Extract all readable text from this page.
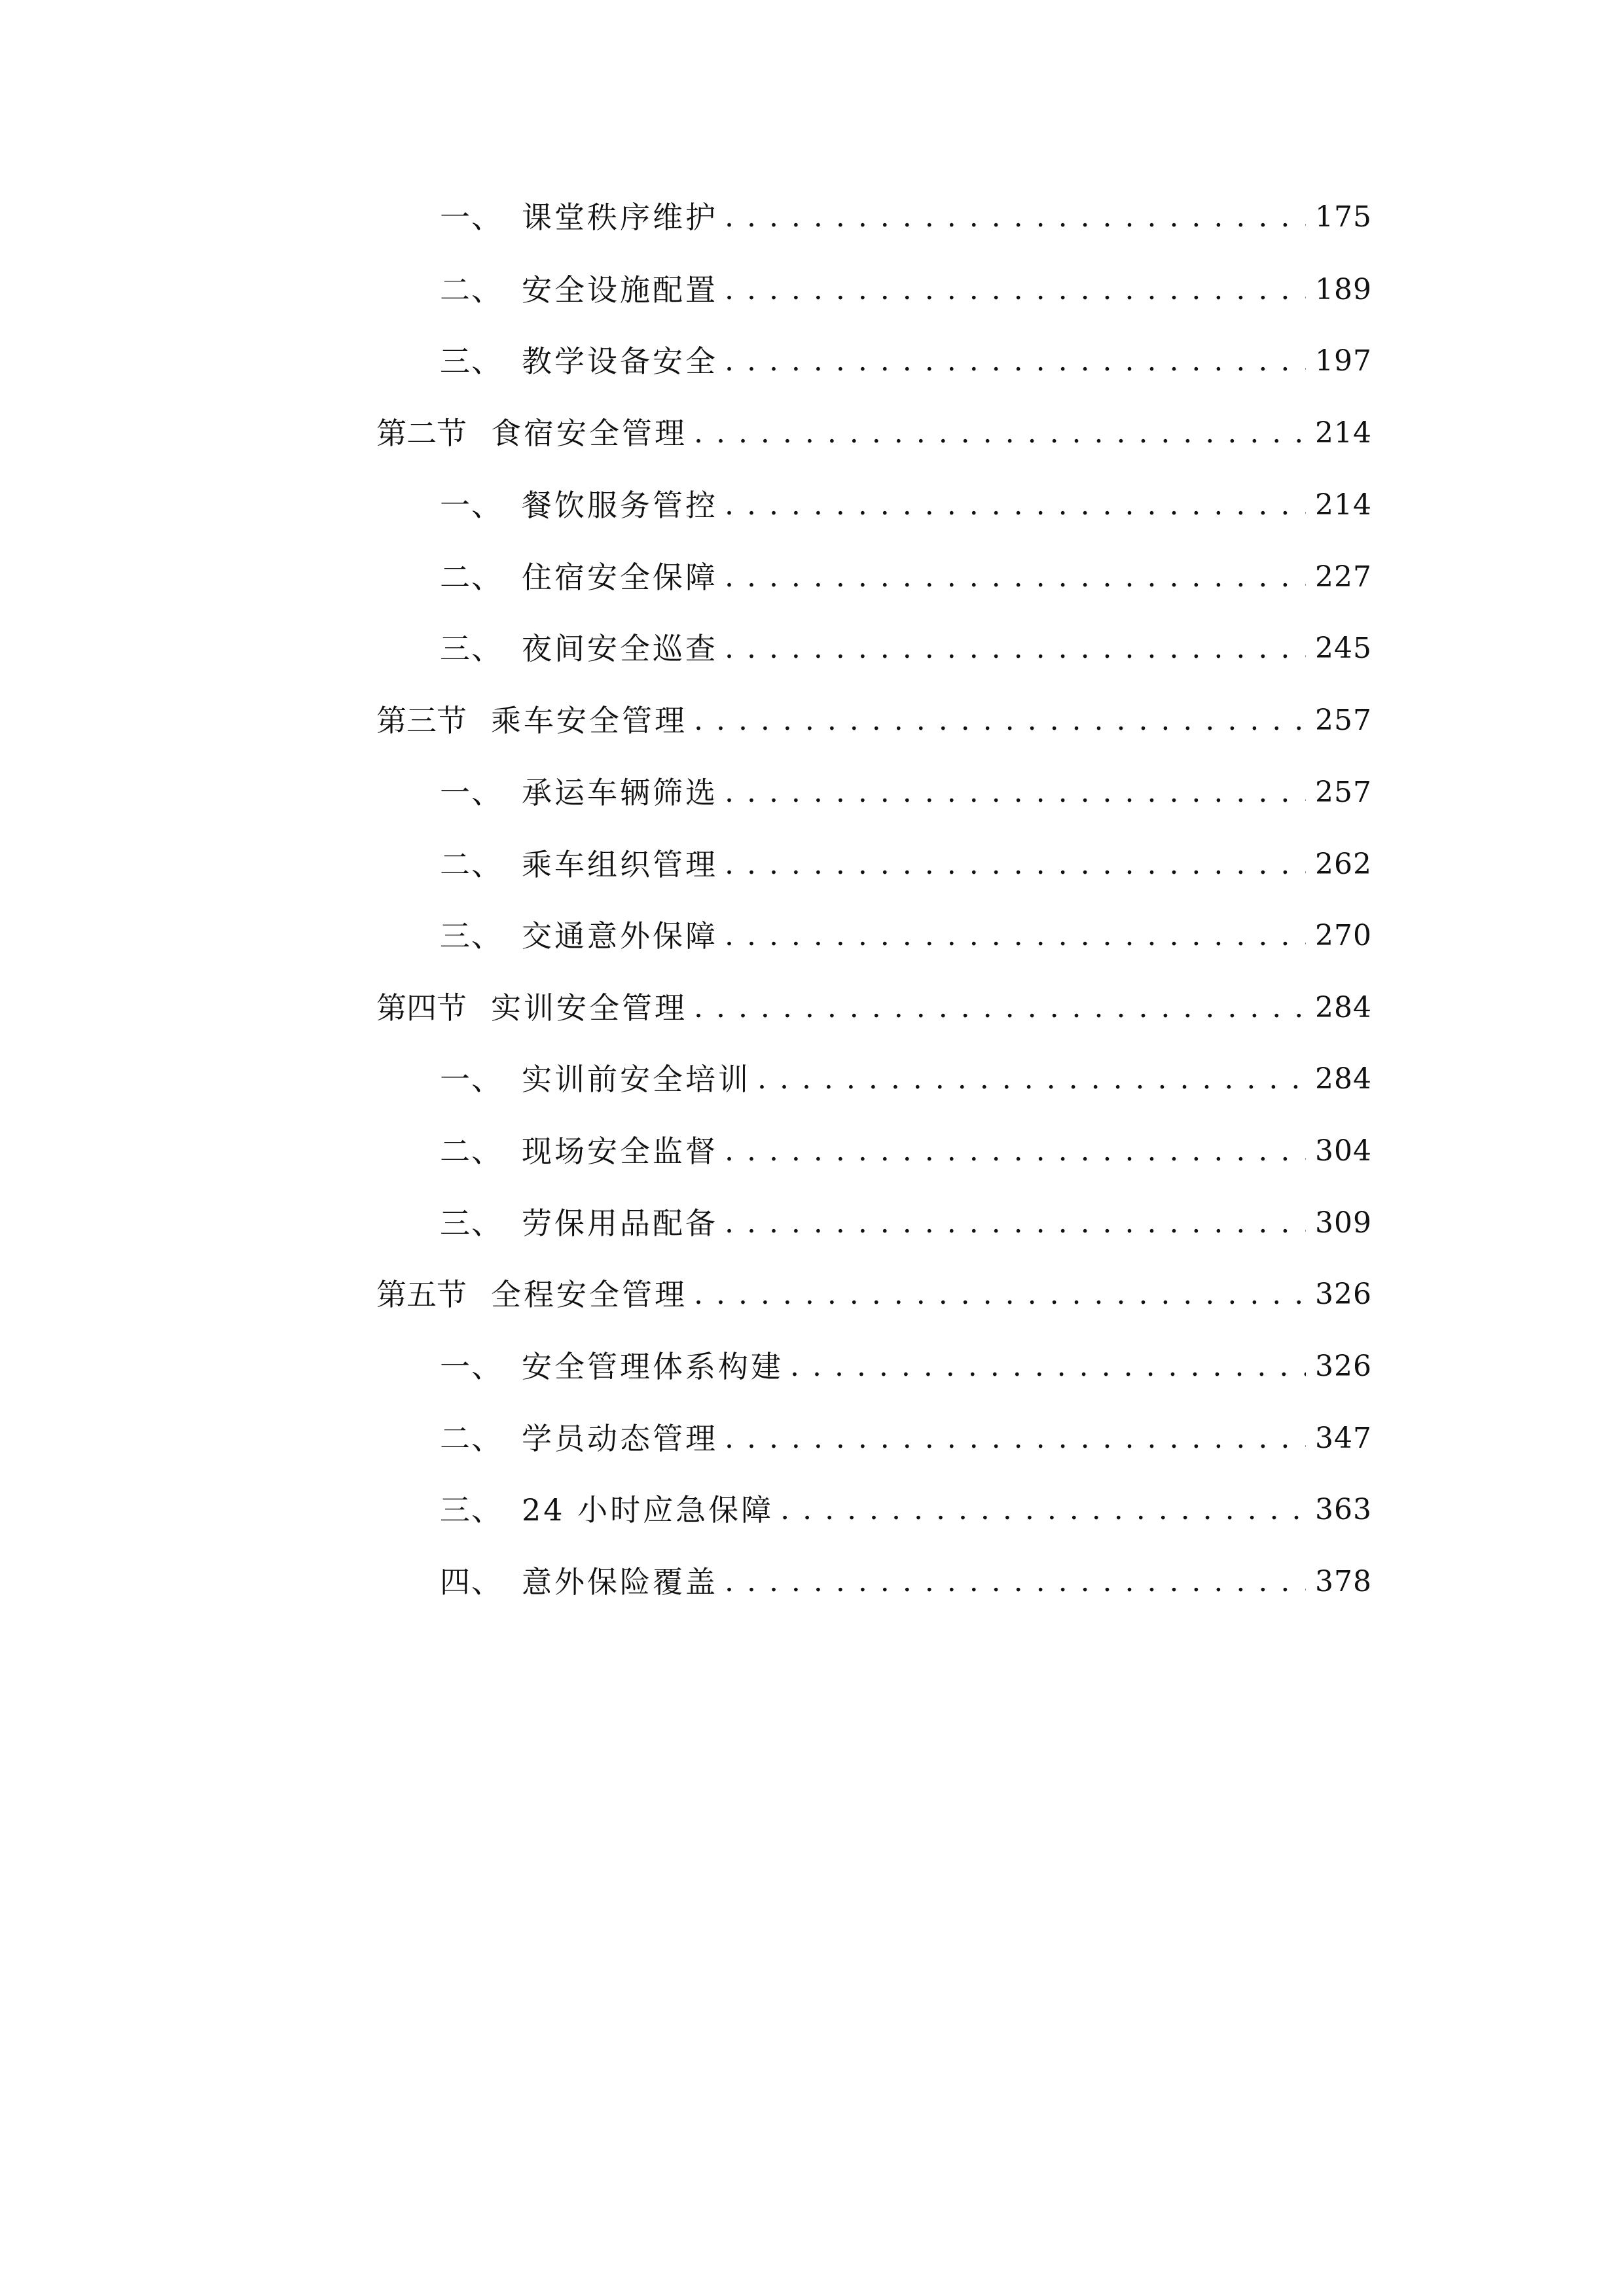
一、 课堂秩序维护 . . .	175
二、 安全设施配置 . . .	189
三、 教学设备安全 . . .	197
第二节 食宿安全管理 . . .	214
一、 餐饮服务管控 . . .	214
二、 住宿安全保障 . . .	227
三、 夜间安全巡查 . . .	245
第三节 乘车安全管理 . . .	257
一、 承运车辆筛选 . . .	257
二、 乘车组织管理 . . .	262
三、 交通意外保障 . . .	270
第四节 实训安全管理 . . .	284
一、 实训前安全培训 . . .	284
二、 现场安全监督 . . .	304
三、 劳保用品配备 . . .	309
第五节 全程安全管理 . . .	326
一、 安全管理体系构建 . . .	326
二、 学员动态管理 . . .	347
三、 24 小时应急保障 . . .	363
四、 意外保险覆盖 . . .	378
